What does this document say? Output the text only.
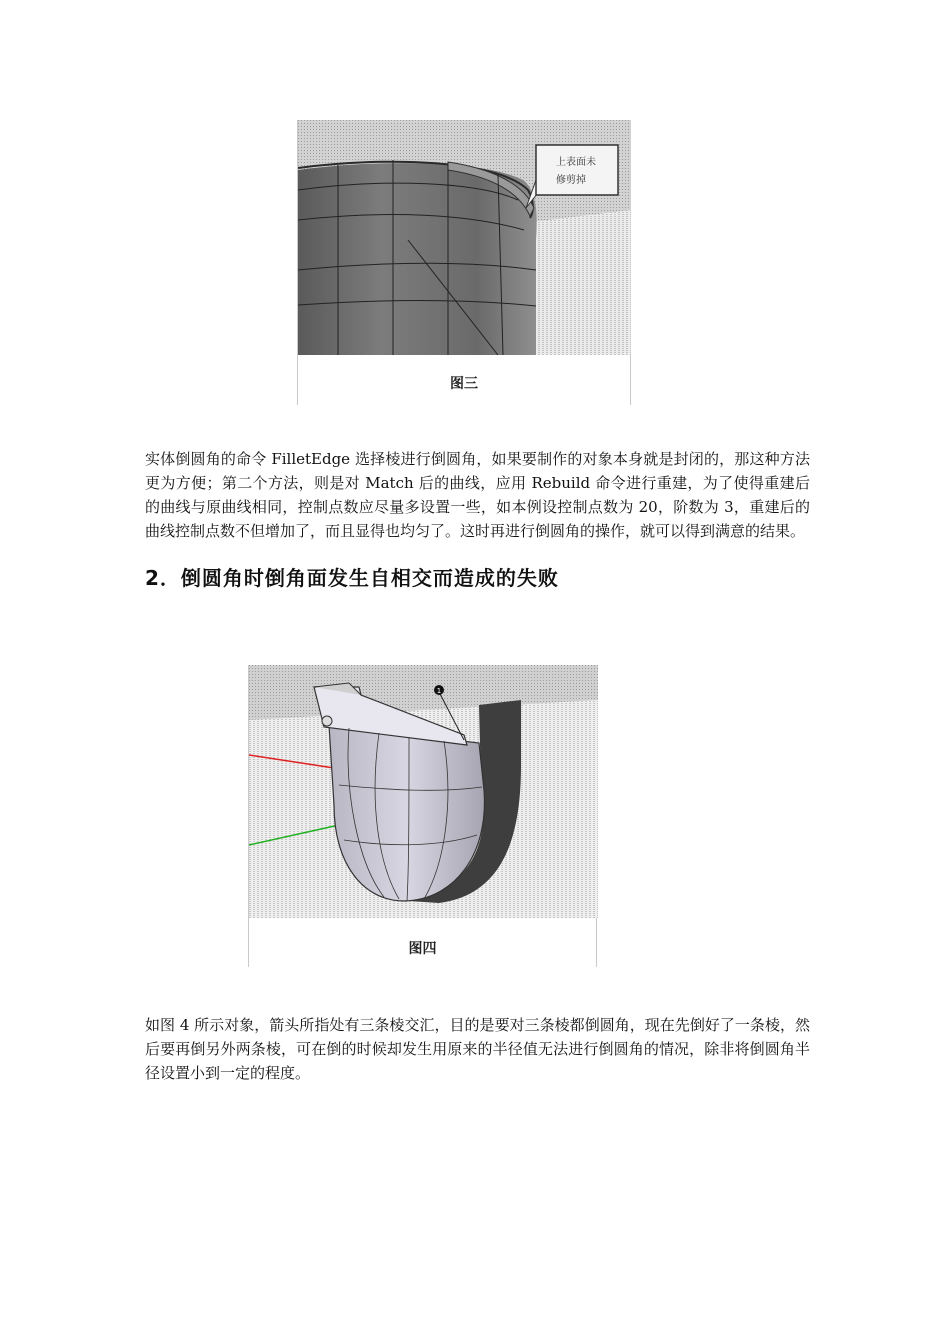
上表面未
修剪掉
图三

实体倒圆角的命令 FilletEdge 选择棱进行倒圆角，如果要制作的对象本身就是封闭的，那这种方法更为方便；第二个方法，则是对 Match 后的曲线，应用 Rebuild 命令进行重建，为了使得重建后的曲线与原曲线相同，控制点数应尽量多设置一些，如本例设控制点数为 20，阶数为 3，重建后的曲线控制点数不但增加了，而且显得也均匀了。这时再进行倒圆角的操作，就可以得到满意的结果。

2．倒圆角时倒角面发生自相交而造成的失败
1
图四

如图 4 所示对象，箭头所指处有三条棱交汇，目的是要对三条棱都倒圆角，现在先倒好了一条棱，然后要再倒另外两条棱，可在倒的时候却发生用原来的半径值无法进行倒圆角的情况，除非将倒圆角半径设置小到一定的程度。
